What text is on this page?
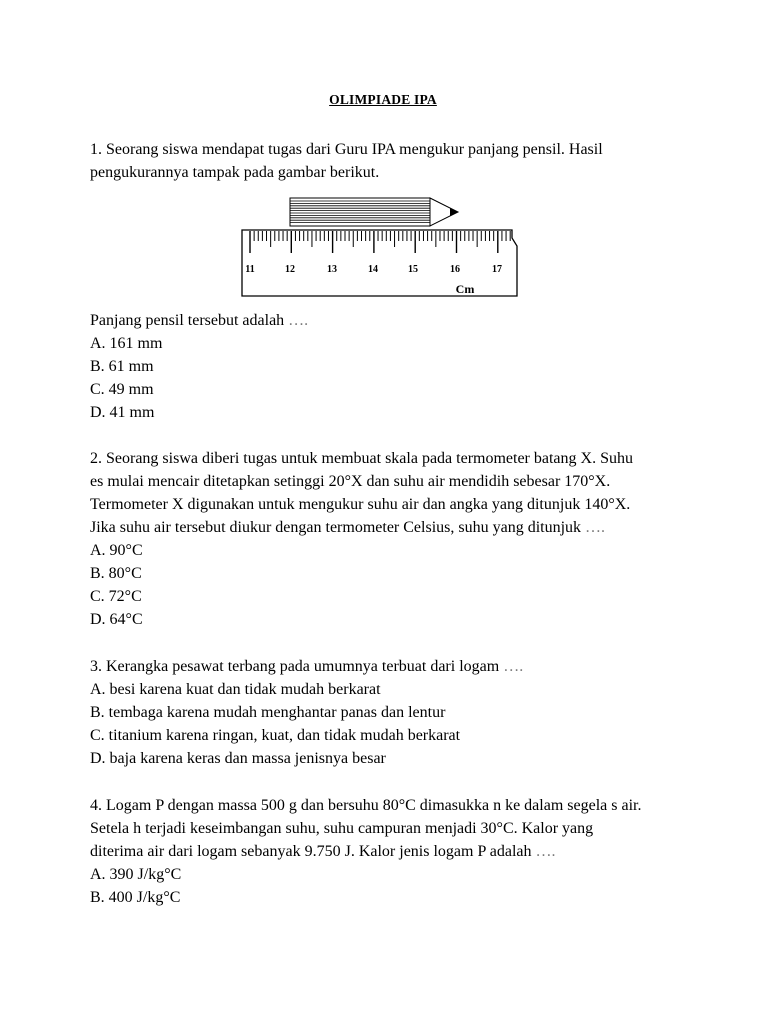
OLIMPIADE IPA
1. Seorang siswa mendapat tugas dari Guru IPA mengukur panjang pensil. Hasil
pengukurannya tampak pada gambar berikut.
11	12	13	14	15	16	17
Cm
Panjang pensil tersebut adalah ….
A. 161 mm
B. 61 mm
C. 49 mm
D. 41 mm
2. Seorang siswa diberi tugas untuk membuat skala pada termometer batang X. Suhu
es mulai mencair ditetapkan setinggi 20°X dan suhu air mendidih sebesar 170°X.
Termometer X digunakan untuk mengukur suhu air dan angka yang ditunjuk 140°X.
Jika suhu air tersebut diukur dengan termometer Celsius, suhu yang ditunjuk ….
A. 90°C
B. 80°C
C. 72°C
D. 64°C
3. Kerangka pesawat terbang pada umumnya terbuat dari logam ….
A. besi karena kuat dan tidak mudah berkarat
B. tembaga karena mudah menghantar panas dan lentur
C. titanium karena ringan, kuat, dan tidak mudah berkarat
D. baja karena keras dan massa jenisnya besar
4. Logam P dengan massa 500 g dan bersuhu 80°C dimasukka n ke dalam segela s air.
Setela h terjadi keseimbangan suhu, suhu campuran menjadi 30°C. Kalor yang
diterima air dari logam sebanyak 9.750 J. Kalor jenis logam P adalah ….
A. 390 J/kg°C
B. 400 J/kg°C
